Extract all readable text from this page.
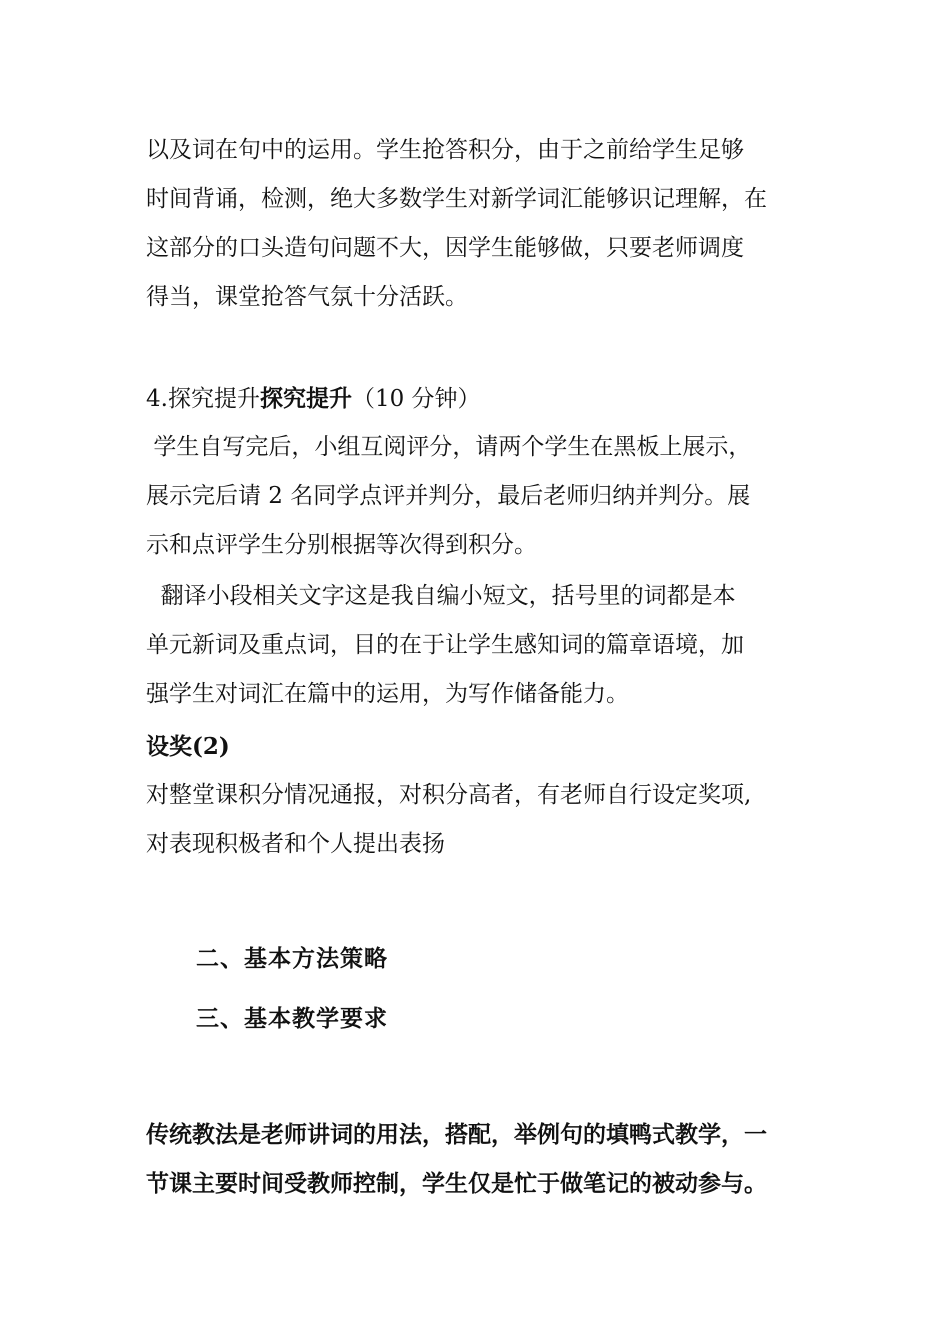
以及词在句中的运用。学生抢答积分，由于之前给学生足够
时间背诵，检测，绝大多数学生对新学词汇能够识记理解，在
这部分的口头造句问题不大，因学生能够做，只要老师调度
得当，课堂抢答气氛十分活跃。

4.探究提升探究提升（10 分钟）

学生自写完后，小组互阅评分，请两个学生在黑板上展示，
展示完后请 2 名同学点评并判分，最后老师归纳并判分。展
示和点评学生分别根据等次得到积分。

翻译小段相关文字这是我自编小短文，括号里的词都是本
单元新词及重点词，目的在于让学生感知词的篇章语境，加
强学生对词汇在篇中的运用，为写作储备能力。

设奖(2)

对整堂课积分情况通报，对积分高者，有老师自行设定奖项,
对表现积极者和个人提出表扬

二、基本方法策略

三、基本教学要求

传统教法是老师讲词的用法，搭配，举例句的填鸭式教学，一
节课主要时间受教师控制，学生仅是忙于做笔记的被动参与。
